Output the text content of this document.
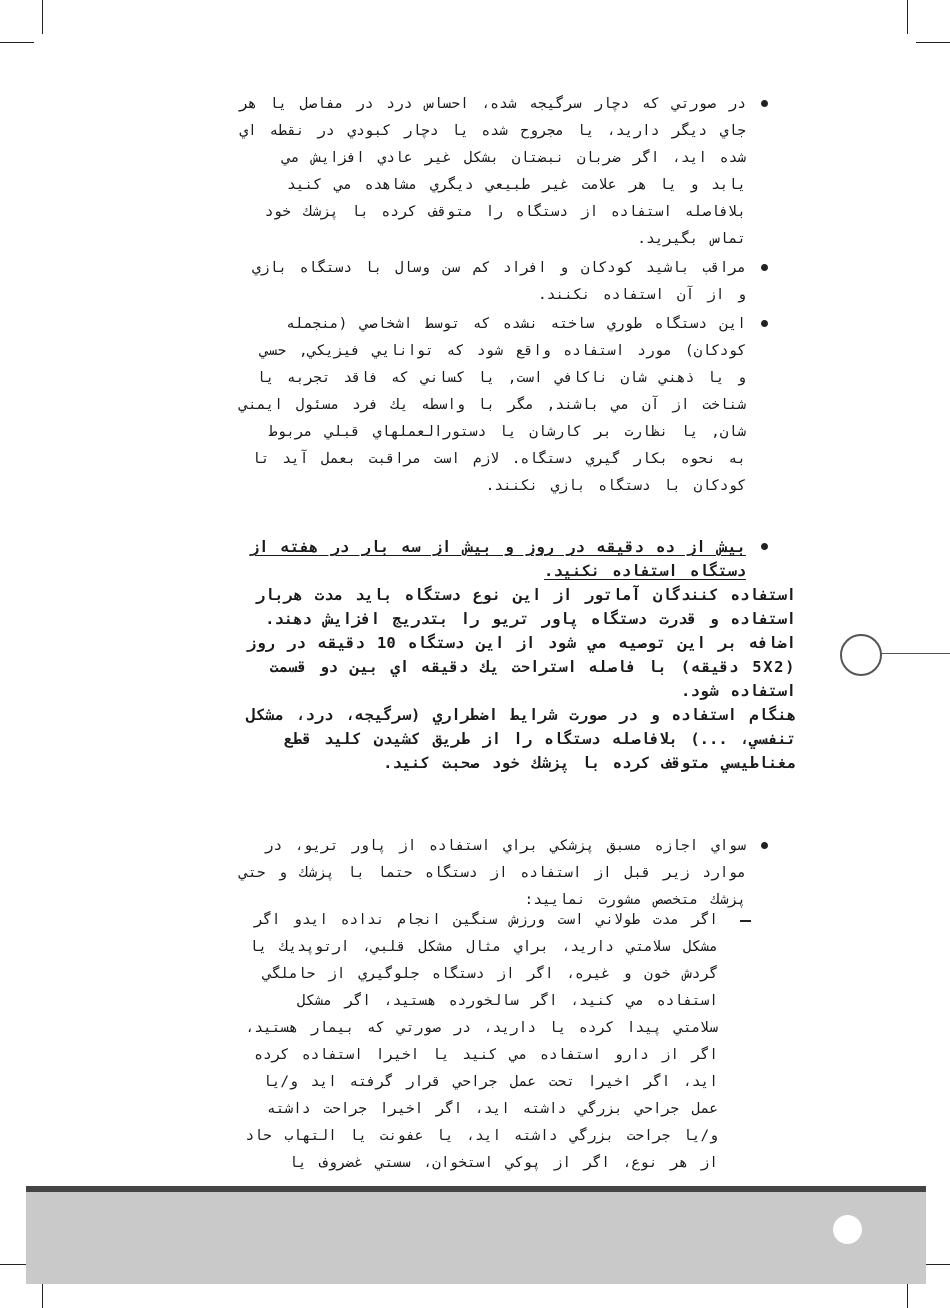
در صورتي كه دچار سرگيجه شده، احساس درد در مفاصل يا هر
جاي ديگر داريد، يا مجروح شده يا دچار كبودي در نقطه اي
شده ايد، اگر ضربان نبضتان بشكل غير عادي افزايش مي
يابد و يا هر علامت غير طبيعي ديگري مشاهده مي كنيد
بلافاصله استفاده از دستگاه را متوقف كرده با پزشك خود
تماس بگيريد.
مراقب باشيد كودكان و افراد كم سن وسال با دستگاه بازي
و از آن استفاده نكنند.
اين دستگاه طوري ساخته نشده كه توسط اشخاصي (منجمله
كودكان) مورد استفاده واقع شود كه توانايي فيزيكي, حسي
و يا ذهني شان ناكافي است, يا كساني كه فاقد تجربه يا
شناخت از آن مي باشند, مگر با واسطه يك فرد مسئول ايمني
شان, يا نظارت بر كارشان يا دستورالعملهاي قبلي مربوط
به نحوه بكار گيري دستگاه. لازم است مراقبت بعمل آيد تا
كودكان با دستگاه بازي نكنند.
بيش از ده دقيقه در روز و بيش از سه بار در هفته از
دستگاه استفاده نكنيد.
استفاده كنندگان آماتور از اين نوع دستگاه بايد مدت هربار
استفاده و قدرت دستگاه پاور تريو را بتدريج افزايش دهند.
اضافه بر اين توصيه مي شود از اين دستگاه 10 دقيقه در روز
(5X2 دقيقه) با فاصله استراحت يك دقيقه اي بين دو قسمت
استفاده شود.
هنگام استفاده و در صورت شرايط اضطراري (سرگيجه، درد، مشكل
تنفسي، ...) بلافاصله دستگاه را از طريق كشيدن كليد قطع
مغناطيسي متوقف كرده با پزشك خود صحبت كنيد.
سواي اجازه مسبق پزشكي براي استفاده از پاور تريو، در
موارد زير قبل از استفاده از دستگاه حتما با پزشك و حتي
پزشك متخصص مشورت نماييد:
اگر مدت طولاني است ورزش سنگين انجام نداده ايدو اگر
مشكل سلامتي داريد، براي مثال مشكل قلبي، ارتوپديك يا
گردش خون و غيره، اگر از دستگاه جلوگيري از حاملگي
استفاده مي كنيد، اگر سالخورده هستيد، اگر مشكل
سلامتي پيدا كرده يا داريد، در صورتي كه بيمار هستيد،
اگر از دارو استفاده مي كنيد يا اخيرا استفاده كرده
ايد، اگر اخيرا تحت عمل جراحي قرار گرفته ايد و/يا
عمل جراحي بزرگي داشته ايد، اگر اخيرا جراحت داشته
و/يا جراحت بزرگي داشته ايد، يا عفونت يا التهاب حاد
از هر نوع، اگر از پوكي استخوان، سستي غضروف يا
